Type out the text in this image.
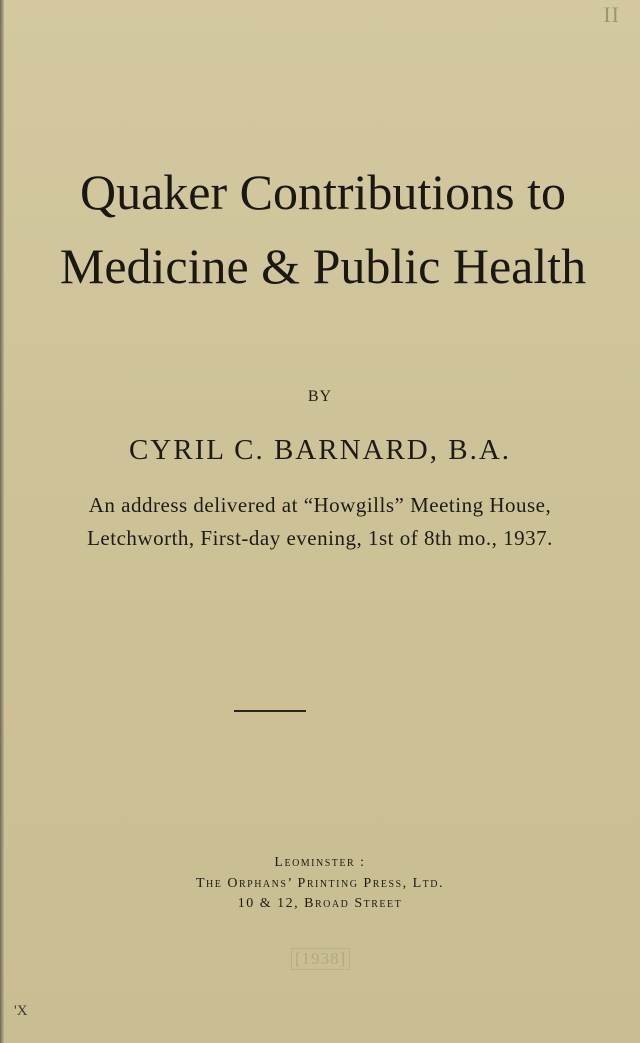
II
Quaker Contributions to
Medicine & Public Health
BY
CYRIL C. BARNARD, B.A.
An address delivered at “Howgills” Meeting House,
Letchworth, First-day evening, 1st of 8th mo., 1937.
Leominster :
The Orphans’ Printing Press, Ltd.
10 & 12, Broad Street
[1938]
'X
